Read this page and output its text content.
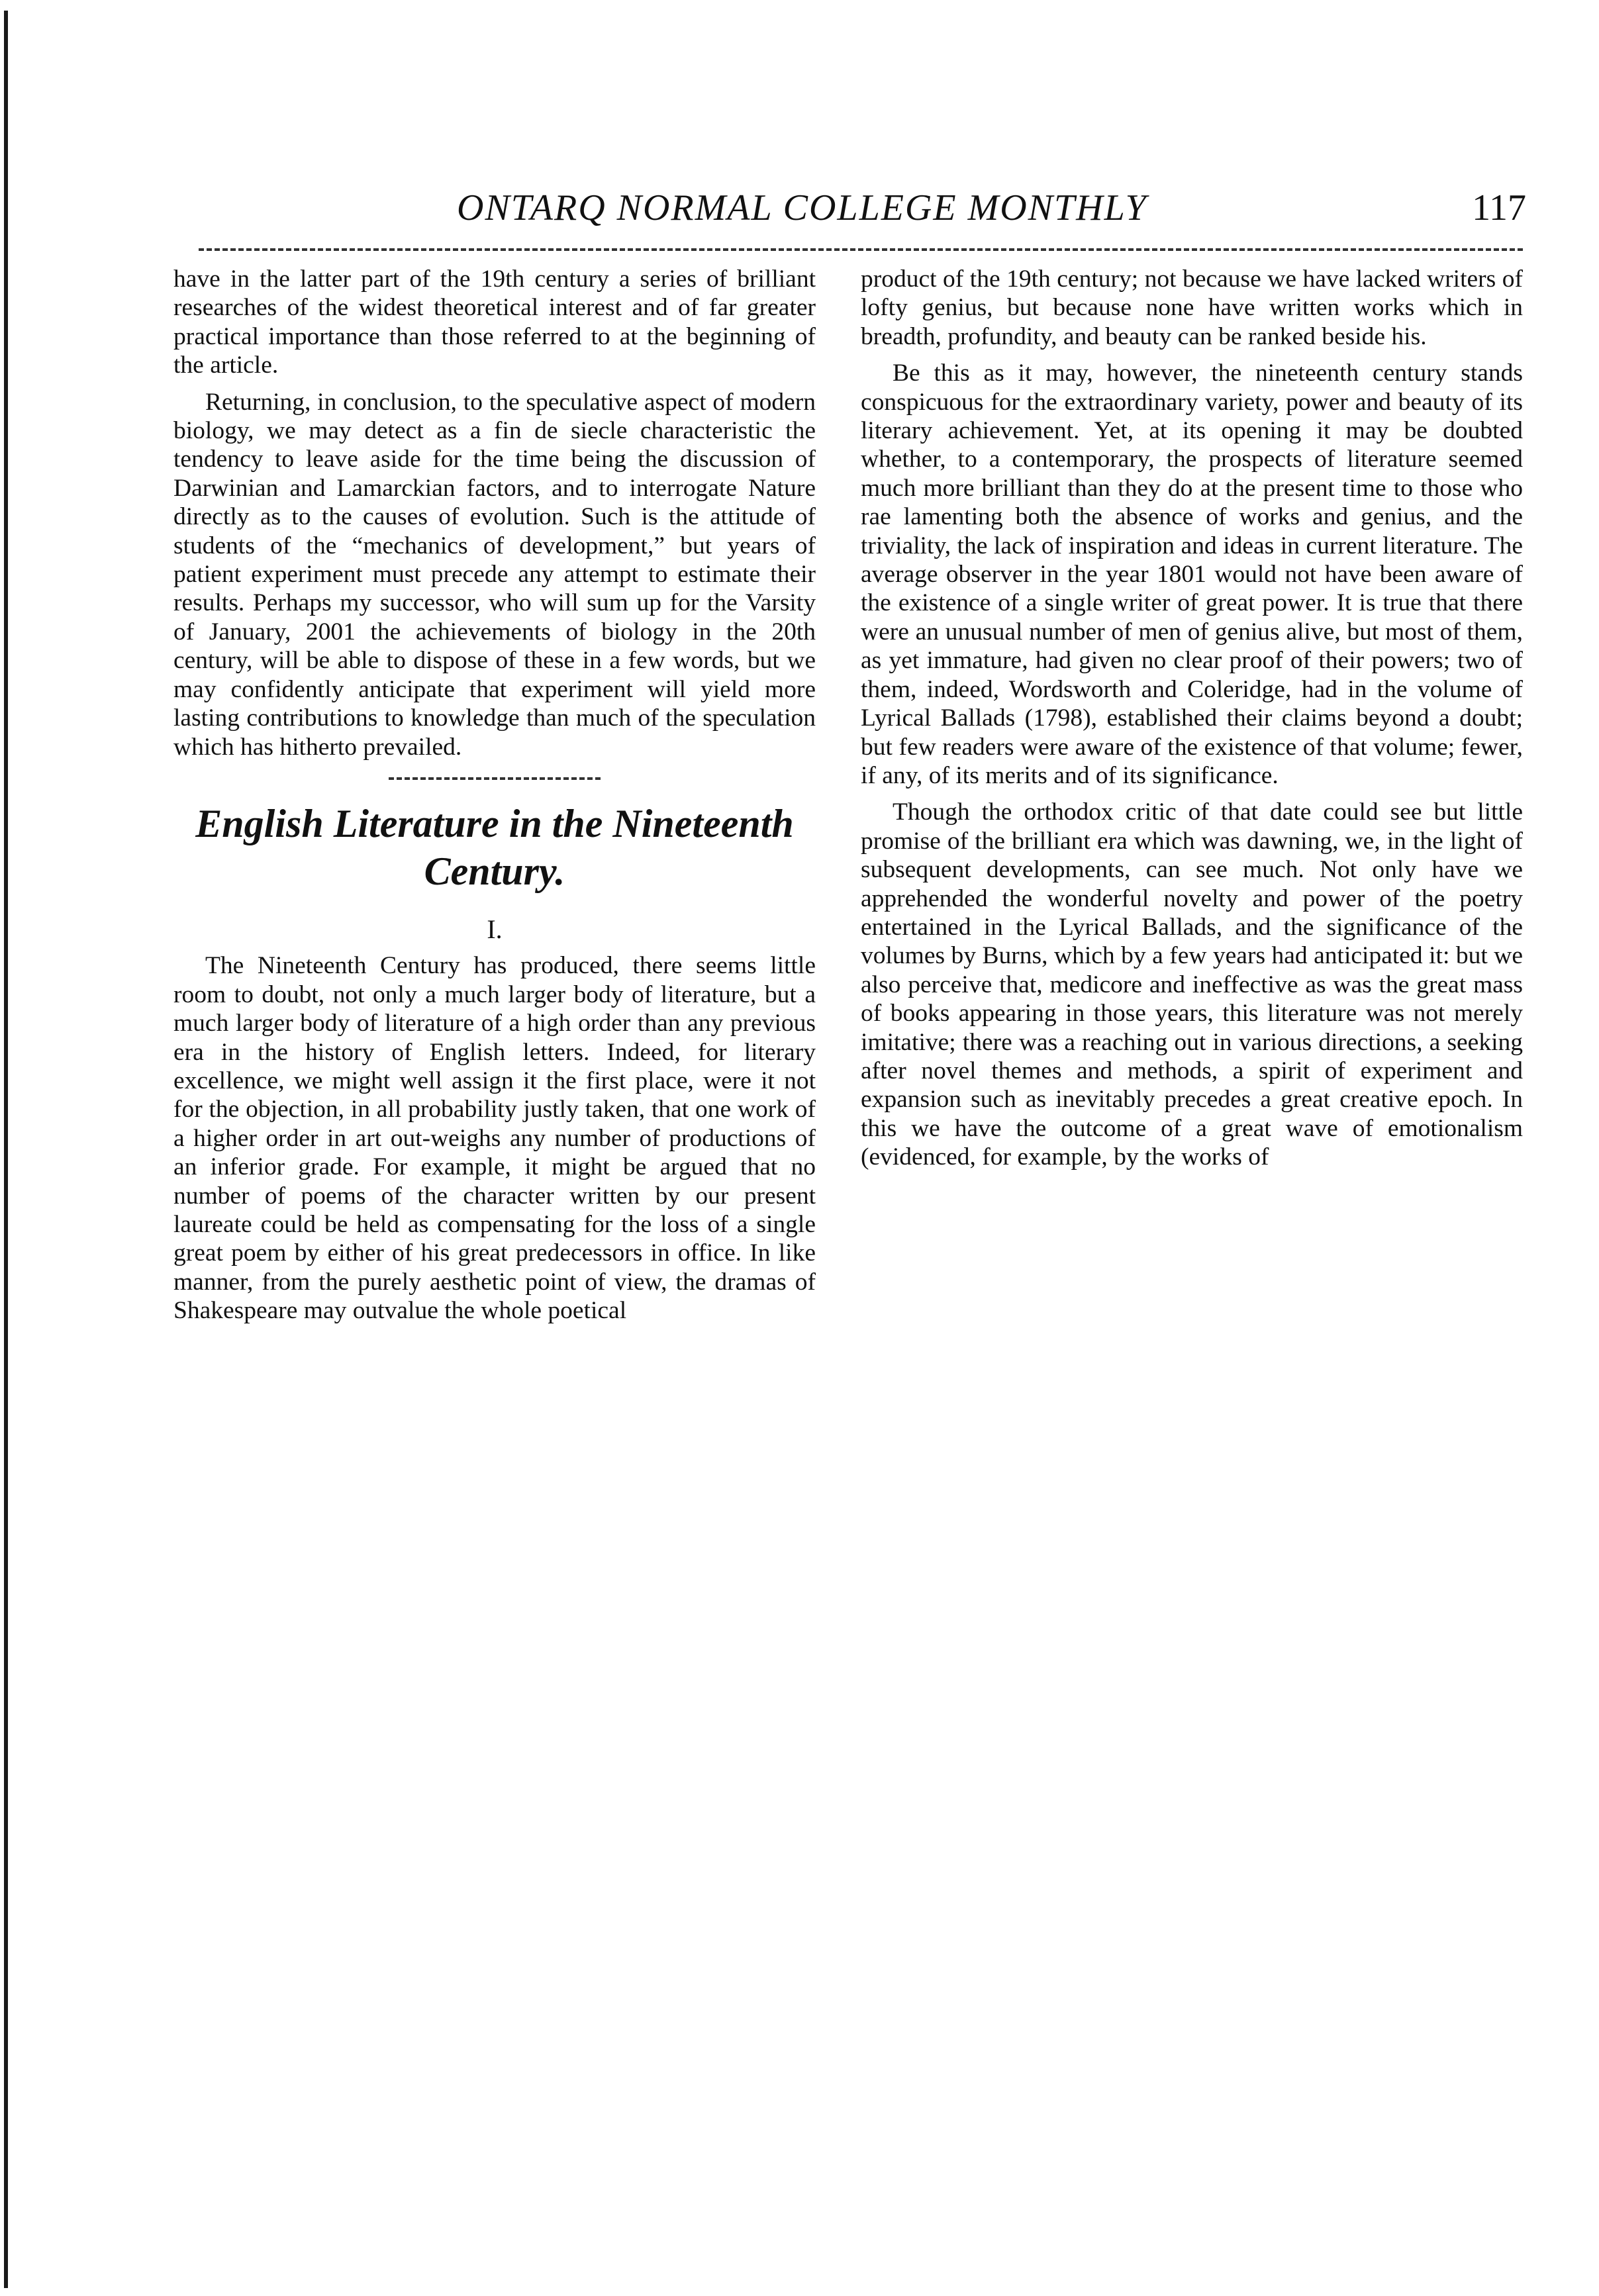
ONTARQ NORMAL COLLEGE MONTHLY	117

have in the latter part of the 19th century a series of brilliant researches of the widest theoretical interest and of far greater practical importance than those referred to at the beginning of the article.

Returning, in conclusion, to the speculative aspect of modern biology, we may detect as a fin de siecle characteristic the tendency to leave aside for the time being the discussion of Darwinian and Lamarckian factors, and to interrogate Nature directly as to the causes of evolution. Such is the attitude of students of the “mechanics of development,” but years of patient experiment must precede any attempt to estimate their results. Perhaps my successor, who will sum up for the Varsity of January, 2001 the achievements of biology in the 20th century, will be able to dispose of these in a few words, but we may confidently anticipate that experiment will yield more lasting contributions to knowledge than much of the speculation which has hitherto prevailed.

English Literature in the Nineteenth Century.
I.

The Nineteenth Century has produced, there seems little room to doubt, not only a much larger body of literature, but a much larger body of literature of a high order than any previous era in the history of English letters. Indeed, for literary excellence, we might well assign it the first place, were it not for the objection, in all probability justly taken, that one work of a higher order in art out-weighs any number of productions of an inferior grade. For example, it might be argued that no number of poems of the character written by our present laureate could be held as compensating for the loss of a single great poem by either of his great predecessors in office. In like manner, from the purely aesthetic point of view, the dramas of Shakespeare may outvalue the whole poetical

product of the 19th century; not because we have lacked writers of lofty genius, but because none have written works which in breadth, profundity, and beauty can be ranked beside his.

Be this as it may, however, the nineteenth century stands conspicuous for the extraordinary variety, power and beauty of its literary achievement. Yet, at its opening it may be doubted whether, to a contemporary, the prospects of literature seemed much more brilliant than they do at the present time to those who rae lamenting both the absence of works and genius, and the triviality, the lack of inspiration and ideas in current literature. The average observer in the year 1801 would not have been aware of the existence of a single writer of great power. It is true that there were an unusual number of men of genius alive, but most of them, as yet immature, had given no clear proof of their powers; two of them, indeed, Wordsworth and Coleridge, had in the volume of Lyrical Ballads (1798), established their claims beyond a doubt; but few readers were aware of the existence of that volume; fewer, if any, of its merits and of its significance.

Though the orthodox critic of that date could see but little promise of the brilliant era which was dawning, we, in the light of subsequent developments, can see much. Not only have we apprehended the wonderful novelty and power of the poetry entertained in the Lyrical Ballads, and the significance of the volumes by Burns, which by a few years had anticipated it: but we also perceive that, medicore and ineffective as was the great mass of books appearing in those years, this literature was not merely imitative; there was a reaching out in various directions, a seeking after novel themes and methods, a spirit of experiment and expansion such as inevitably precedes a great creative epoch. In this we have the outcome of a great wave of emotionalism (evidenced, for example, by the works of
